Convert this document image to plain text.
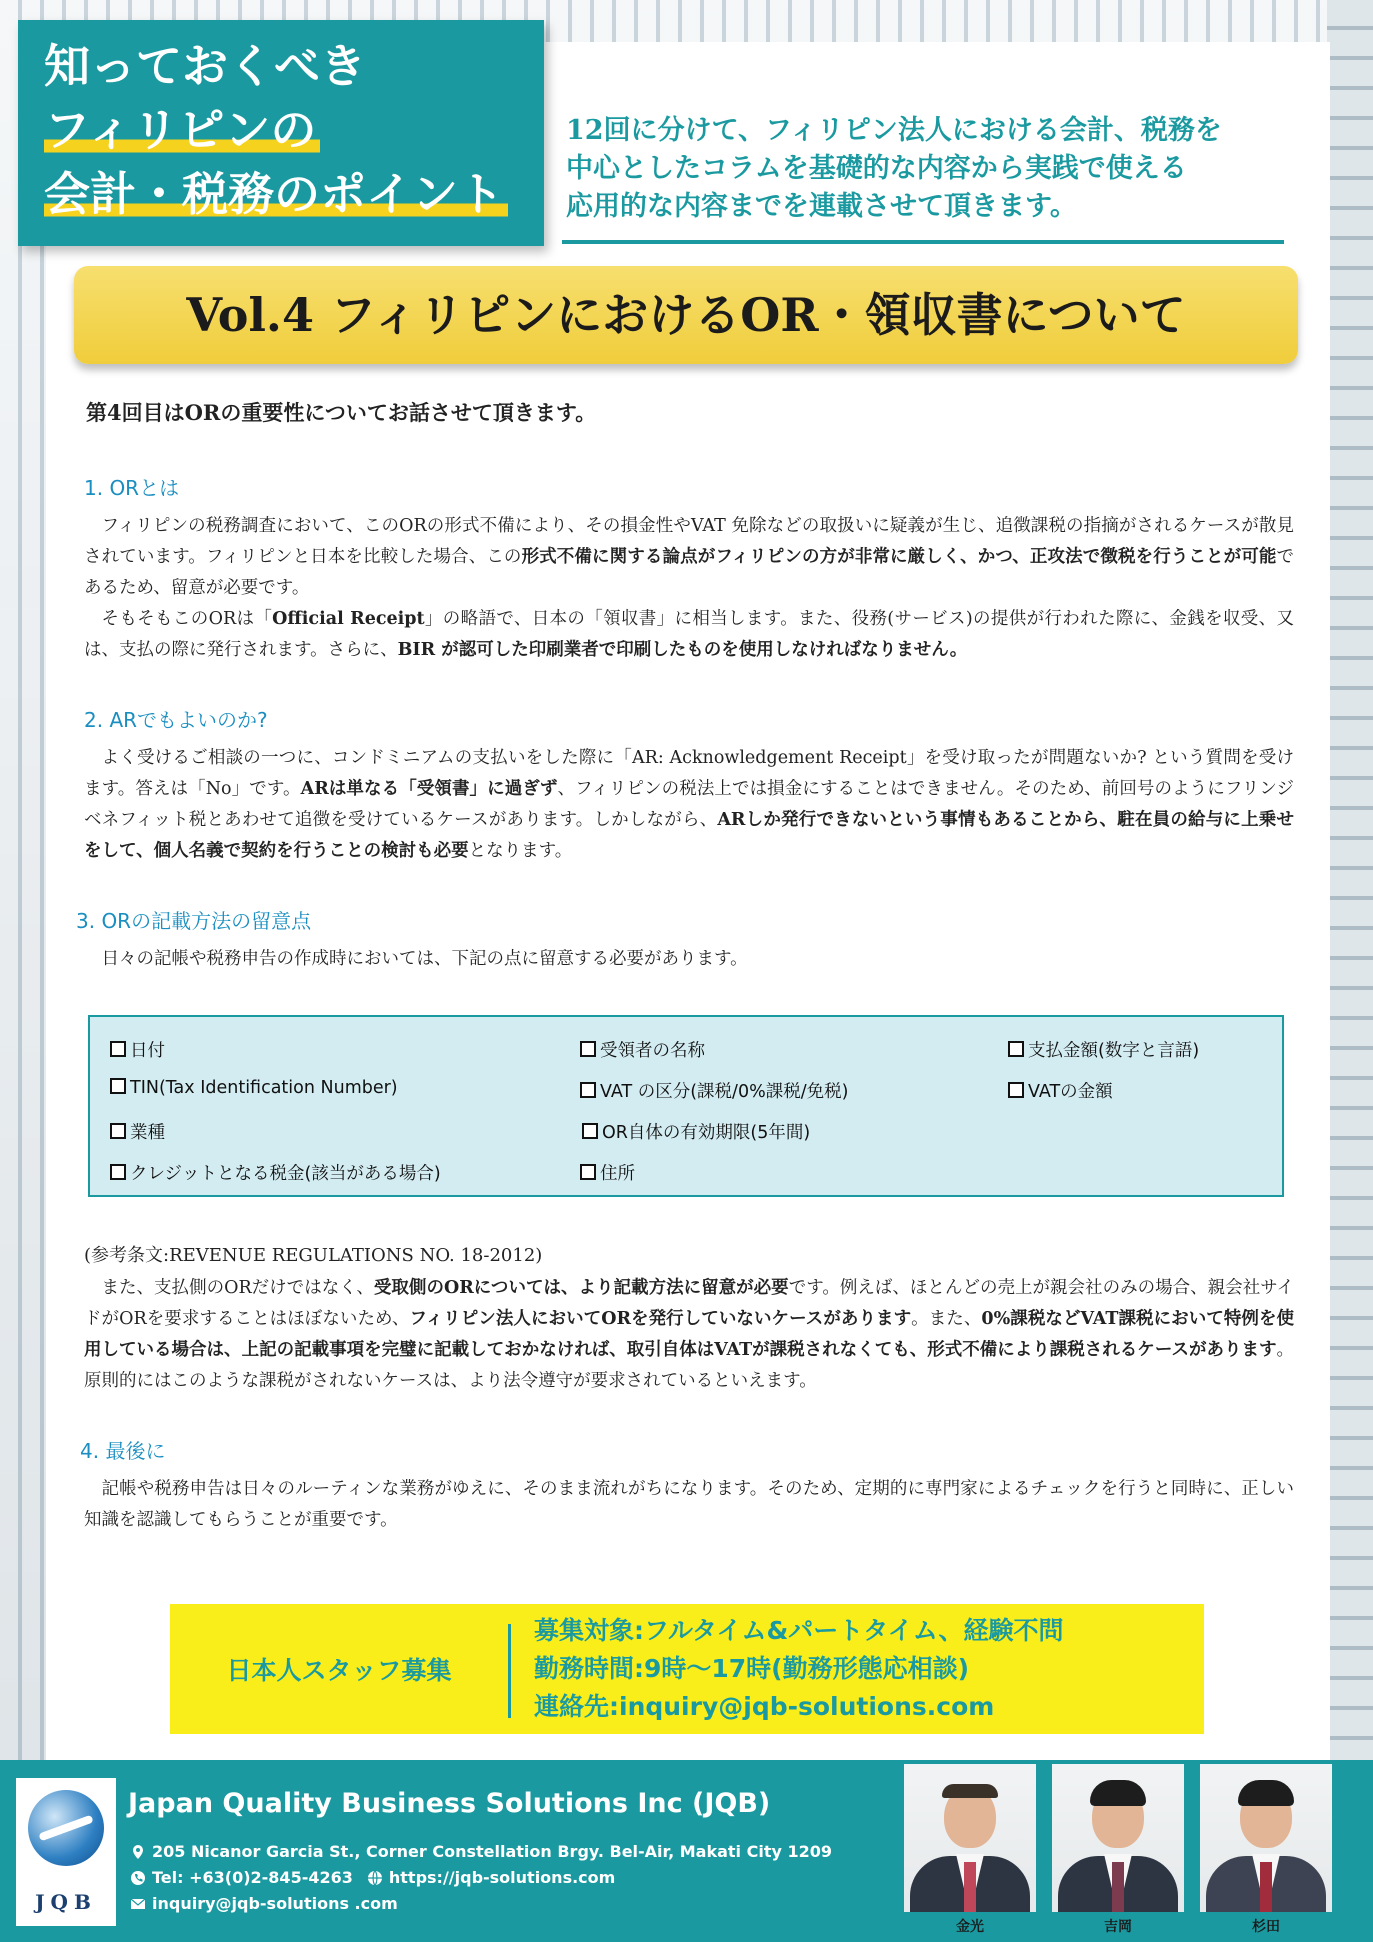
知っておくべき
フィリピンの
会計・税務のポイント
12回に分けて、フィリピン法人における会計、税務を
中心としたコラムを基礎的な内容から実践で使える
応用的な内容までを連載させて頂きます。
Vol.4 フィリピンにおけるOR・領収書について
第4回目はORの重要性についてお話させて頂きます。
1. ORとは

フィリピンの税務調査において、このORの形式不備により、その損金性やVAT 免除などの取扱いに疑義が生じ、追徴課税の指摘がされるケースが散見されています。フィリピンと日本を比較した場合、この形式不備に関する論点がフィリピンの方が非常に厳しく、かつ、正攻法で徴税を行うことが可能であるため、留意が必要です。

そもそもこのORは「Official Receipt」の略語で、日本の「領収書」に相当します。また、役務(サービス)の提供が行われた際に、金銭を収受、又は、支払の際に発行されます。さらに、BIR が認可した印刷業者で印刷したものを使用しなければなりません。

2. ARでもよいのか?

よく受けるご相談の一つに、コンドミニアムの支払いをした際に「AR: Acknowledgement Receipt」を受け取ったが問題ないか? という質問を受けます。答えは「No」です。ARは単なる「受領書」に過ぎず、フィリピンの税法上では損金にすることはできません。そのため、前回号のようにフリンジベネフィット税とあわせて追徴を受けているケースがあります。しかしながら、ARしか発行できないという事情もあることから、駐在員の給与に上乗せをして、個人名義で契約を行うことの検討も必要となります。

3. ORの記載方法の留意点

日々の記帳や税務申告の作成時においては、下記の点に留意する必要があります。

日付	受領者の名称	支払金額(数字と言語)
TIN(Tax Identification Number)	VAT の区分(課税/0%課税/免税)	VATの金額
業種	OR自体の有効期限(5年間)
クレジットとなる税金(該当がある場合)	住所
(参考条文:REVENUE REGULATIONS NO. 18-2012)

また、支払側のORだけではなく、受取側のORについては、より記載方法に留意が必要です。例えば、ほとんどの売上が親会社のみの場合、親会社サイドがORを要求することはほぼないため、フィリピン法人においてORを発行していないケースがあります。また、0%課税などVAT課税において特例を使用している場合は、上記の記載事項を完璧に記載しておかなければ、取引自体はVATが課税されなくても、形式不備により課税されるケースがあります。原則的にはこのような課税がされないケースは、より法令遵守が要求されているといえます。

4. 最後に

記帳や税務申告は日々のルーティンな業務がゆえに、そのまま流れがちになります。そのため、定期的に専門家によるチェックを行うと同時に、正しい知識を認識してもらうことが重要です。

日本人スタッフ募集
募集対象:フルタイム&パートタイム、経験不問
勤務時間:9時〜17時(勤務形態応相談)
連絡先:inquiry@jqb-solutions.com
JQB
Japan Quality Business Solutions Inc (JQB)
205 Nicanor Garcia St., Corner Constellation Brgy. Bel-Air, Makati City 1209
Tel: +63(0)2-845-4263 https://jqb-solutions.com
inquiry@jqb-solutions .com
金光	吉岡	杉田
